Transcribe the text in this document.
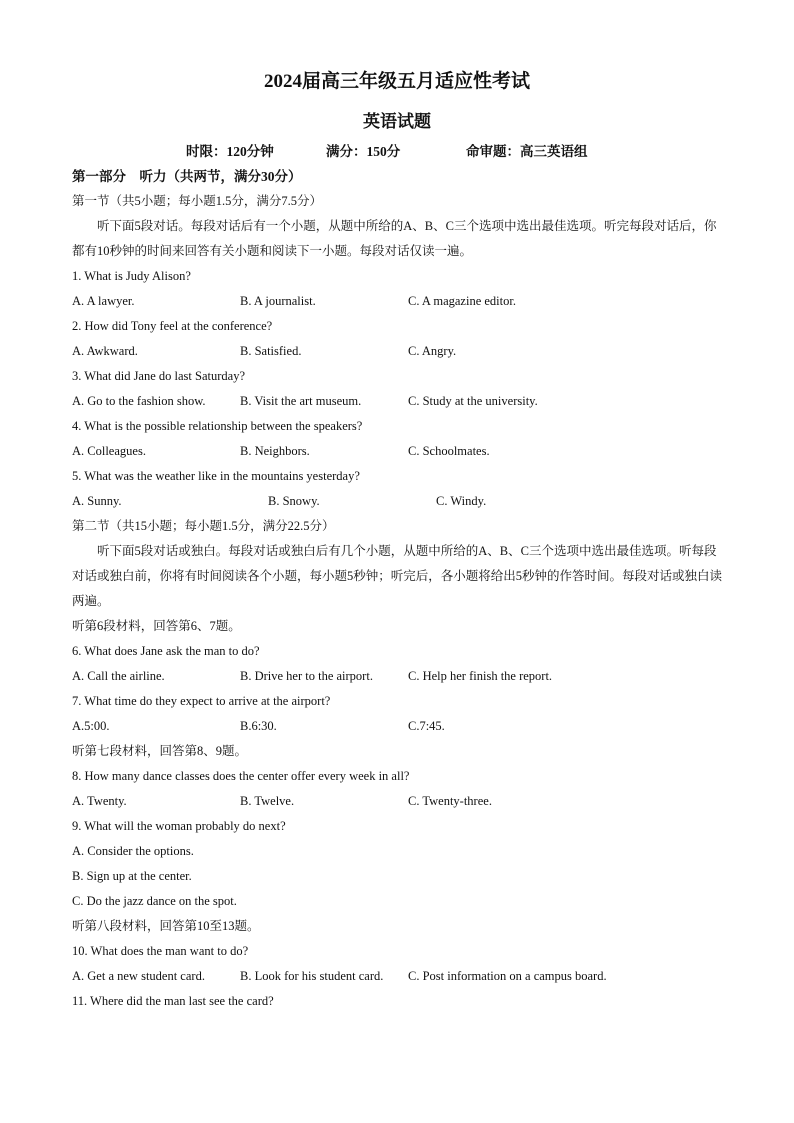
2024届高三年级五月适应性考试
英语试题
时限：120分钟	满分：150分	命审题：高三英语组
第一部分    听力（共两节，满分30分）
第一节（共5小题；每小题1.5分，满分7.5分）
听下面5段对话。每段对话后有一个小题，从题中所给的A、B、C三个选项中选出最佳选项。听完每段对话后，你都有10秒钟的时间来回答有关小题和阅读下一小题。每段对话仅读一遍。
1. What is Judy Alison?
A. A lawyer.	B. A journalist.	C. A magazine editor.
2. How did Tony feel at the conference?
A. Awkward.	B. Satisfied.	C. Angry.
3. What did Jane do last Saturday?
A. Go to the fashion show.	B. Visit the art museum.	C. Study at the university.
4. What is the possible relationship between the speakers?
A. Colleagues.	B. Neighbors.	C. Schoolmates.
5. What was the weather like in the mountains yesterday?
A. Sunny.	B. Snowy.	C. Windy.
第二节（共15小题；每小题1.5分，满分22.5分）
听下面5段对话或独白。每段对话或独白后有几个小题，从题中所给的A、B、C三个选项中选出最佳选项。听每段对话或独白前，你将有时间阅读各个小题，每小题5秒钟；听完后，各小题将给出5秒钟的作答时间。每段对话或独白读两遍。
听第6段材料，回答第6、7题。
6. What does Jane ask the man to do?
A. Call the airline.	B. Drive her to the airport.	C. Help her finish the report.
7. What time do they expect to arrive at the airport?
A.5:00.	B.6:30.	C.7:45.
听第七段材料，回答第8、9题。
8. How many dance classes does the center offer every week in all?
A. Twenty.	B. Twelve.	C. Twenty-three.
9. What will the woman probably do next?
A. Consider the options.
B. Sign up at the center.
C. Do the jazz dance on the spot.
听第八段材料，回答第10至13题。
10. What does the man want to do?
A. Get a new student card.	B. Look for his student card. C. Post information on a campus board.
11. Where did the man last see the card?
